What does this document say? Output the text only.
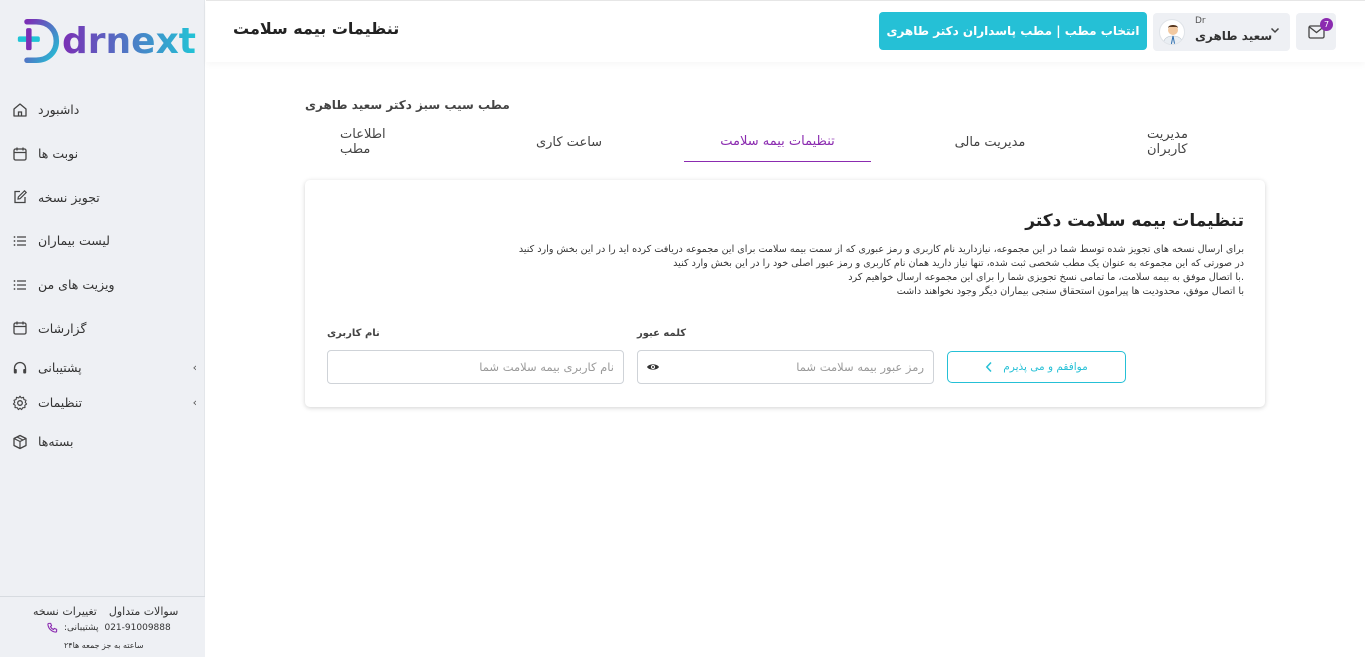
drnext
داشبورد
نوبت ها
تجویز نسخه
لیست بیماران
ویزیت های من
گزارشات
پشتیبانی	‹
تنظیمات	‹
بسته‌ها
تغییرات نسخه سوالات متداول
:پشتیبانی 021-91009888
۲۴ساعته به جز جمعه ها
تنظیمات بیمه سلامت	انتخاب مطب | مطب پاسداران دکتر طاهری
Dr
سعید طاهری
7
مطب سیب سبز دکتر سعید طاهری
مدیریت کاربران
مدیریت مالی
تنظیمات بیمه سلامت
ساعت کاری
اطلاعات مطب
تنظیمات بیمه سلامت دکتر
برای ارسال نسخه های تجویز شده توسط شما در این مجموعه، نیازدارید نام کاربری و رمز عبوری که از سمت بیمه سلامت برای این مجموعه دریافت کرده اید را در این بخش وارد کنید
در صورتی که این مجموعه به عنوان یک مطب شخصی ثبت شده، تنها نیاز دارید همان نام کاربری و رمز عبور اصلی خود را در این بخش وارد کنید
.با اتصال موفق به بیمه سلامت، ما تمامی نسخ تجویزی شما را برای این مجموعه ارسال خواهیم کرد
با اتصال موفق، محدودیت ها پیرامون استحقاق سنجی بیماران دیگر وجود نخواهند داشت
نام کاربری
نام کاربری بیمه سلامت شما
کلمه عبور
رمز عبور بیمه سلامت شما	موافقم و می پذیرم
